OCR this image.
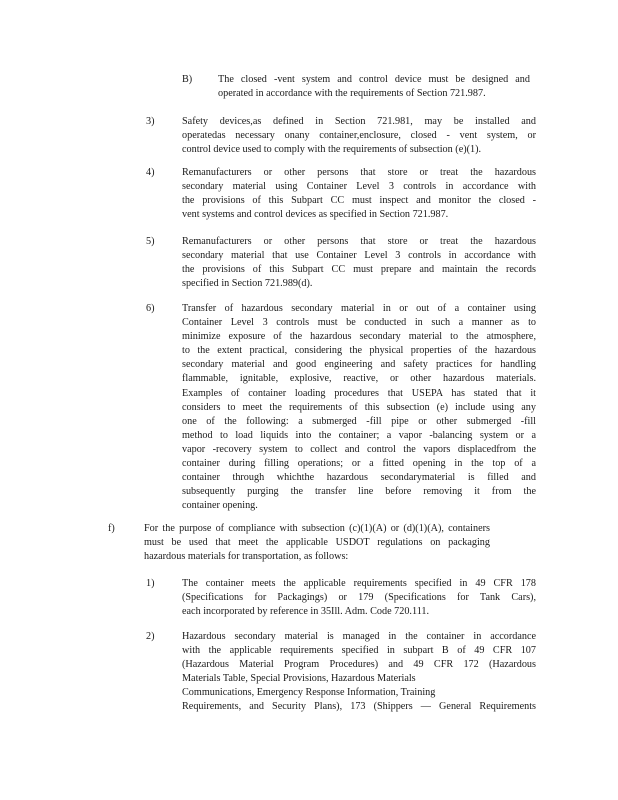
B)	The closed -vent system and control device must be designed and
operated in accordance with the requirements of Section 721.987.
3)	Safety devices,as defined in Section 721.981, may be installed and
operatedas necessary onany container,enclosure, closed - vent system, or
control device used to comply with the requirements of subsection (e)(1).
4)	Remanufacturers or other persons that store or treat the hazardous
secondary material using Container Level 3 controls in accordance with
the provisions of this Subpart CC must inspect and monitor the closed -
vent systems and control devices as specified in Section 721.987.
5)	Remanufacturers or other persons that store or treat the hazardous
secondary material that use Container Level 3 controls in accordance with
the provisions of this Subpart CC must prepare and maintain the records
specified in Section 721.989(d).
6)	Transfer of hazardous secondary material in or out of a container using
Container Level 3 controls must be conducted in such a manner as to
minimize exposure of the hazardous secondary material to the atmosphere,
to the extent practical, considering the physical properties of the hazardous
secondary material and good engineering and safety practices for handling
flammable, ignitable, explosive, reactive, or other hazardous materials.
Examples of container loading procedures that USEPA has stated that it
considers to meet the requirements of this subsection (e) include using any
one of the following: a submerged -fill pipe or other submerged -fill
method to load liquids into the container; a vapor -balancing system or a
vapor -recovery system to collect and control the vapors displacedfrom the
container during filling operations; or a fitted opening in the top of a
container through whichthe hazardous secondarymaterial is filled and
subsequently purging the transfer line before removing it from the
container opening.
f)	For the purpose of compliance with subsection (c)(1)(A) or (d)(1)(A), containers
must be used that meet the applicable USDOT regulations on packaging
hazardous materials for transportation, as follows:
1)	The container meets the applicable requirements specified in 49 CFR 178
(Specifications for Packagings) or 179 (Specifications for Tank Cars),
each incorporated by reference in 35Ill. Adm. Code 720.111.
2)	Hazardous secondary material is managed in the container in accordance
with the applicable requirements specified in subpart B of 49 CFR 107
(Hazardous Material Program Procedures) and 49 CFR 172 (Hazardous
Materials Table, Special Provisions, Hazardous Materials
Communications, Emergency Response Information, Training
Requirements, and Security Plans), 173 (Shippers — General Requirements
